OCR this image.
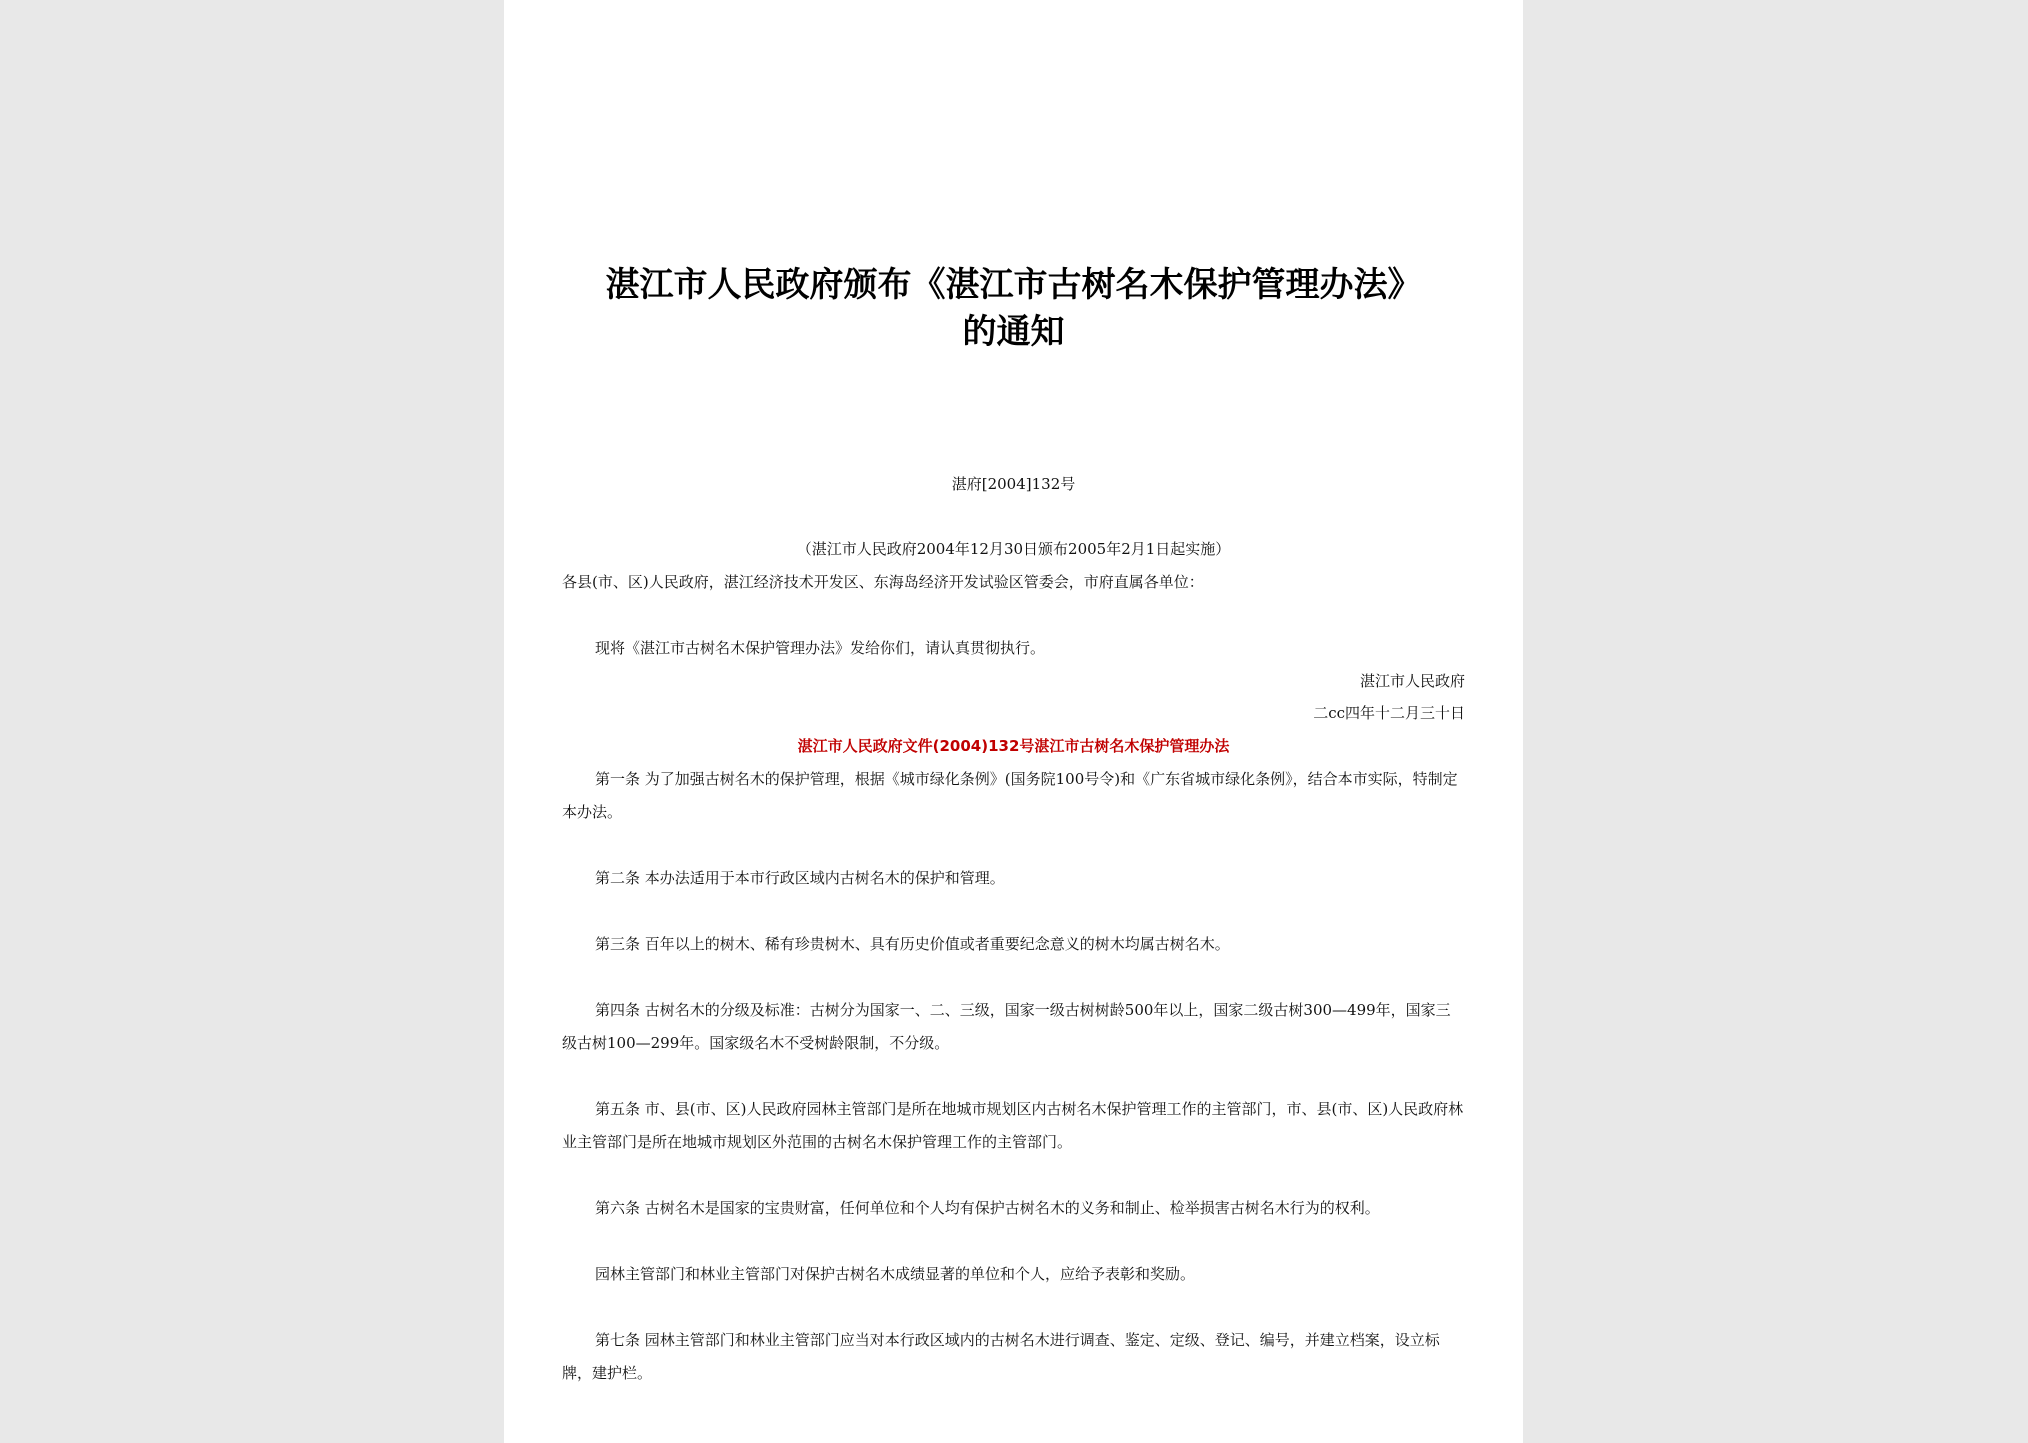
湛江市人民政府颁布《湛江市古树名木保护管理办法》
的通知
湛府[2004]132号
（湛江市人民政府2004年12月30日颁布2005年2月1日起实施）
各县(市、区)人民政府，湛江经济技术开发区、东海岛经济开发试验区管委会，市府直属各单位：
现将《湛江市古树名木保护管理办法》发给你们，请认真贯彻执行。
湛江市人民政府
二cc四年十二月三十日
湛江市人民政府文件(2004)132号湛江市古树名木保护管理办法
第一条 为了加强古树名木的保护管理，根据《城市绿化条例》(国务院100号令)和《广东省城市绿化条例》，结合本市实际，特制定本办法。
第二条 本办法适用于本市行政区域内古树名木的保护和管理。
第三条 百年以上的树木、稀有珍贵树木、具有历史价值或者重要纪念意义的树木均属古树名木。
第四条 古树名木的分级及标准：古树分为国家一、二、三级，国家一级古树树龄500年以上，国家二级古树300—499年，国家三级古树100—299年。国家级名木不受树龄限制，不分级。
第五条 市、县(市、区)人民政府园林主管部门是所在地城市规划区内古树名木保护管理工作的主管部门，市、县(市、区)人民政府林业主管部门是所在地城市规划区外范围的古树名木保护管理工作的主管部门。
第六条 古树名木是国家的宝贵财富，任何单位和个人均有保护古树名木的义务和制止、检举损害古树名木行为的权利。
园林主管部门和林业主管部门对保护古树名木成绩显著的单位和个人，应给予表彰和奖励。
第七条 园林主管部门和林业主管部门应当对本行政区域内的古树名木进行调查、鉴定、定级、登记、编号，并建立档案，设立标牌，建护栏。
